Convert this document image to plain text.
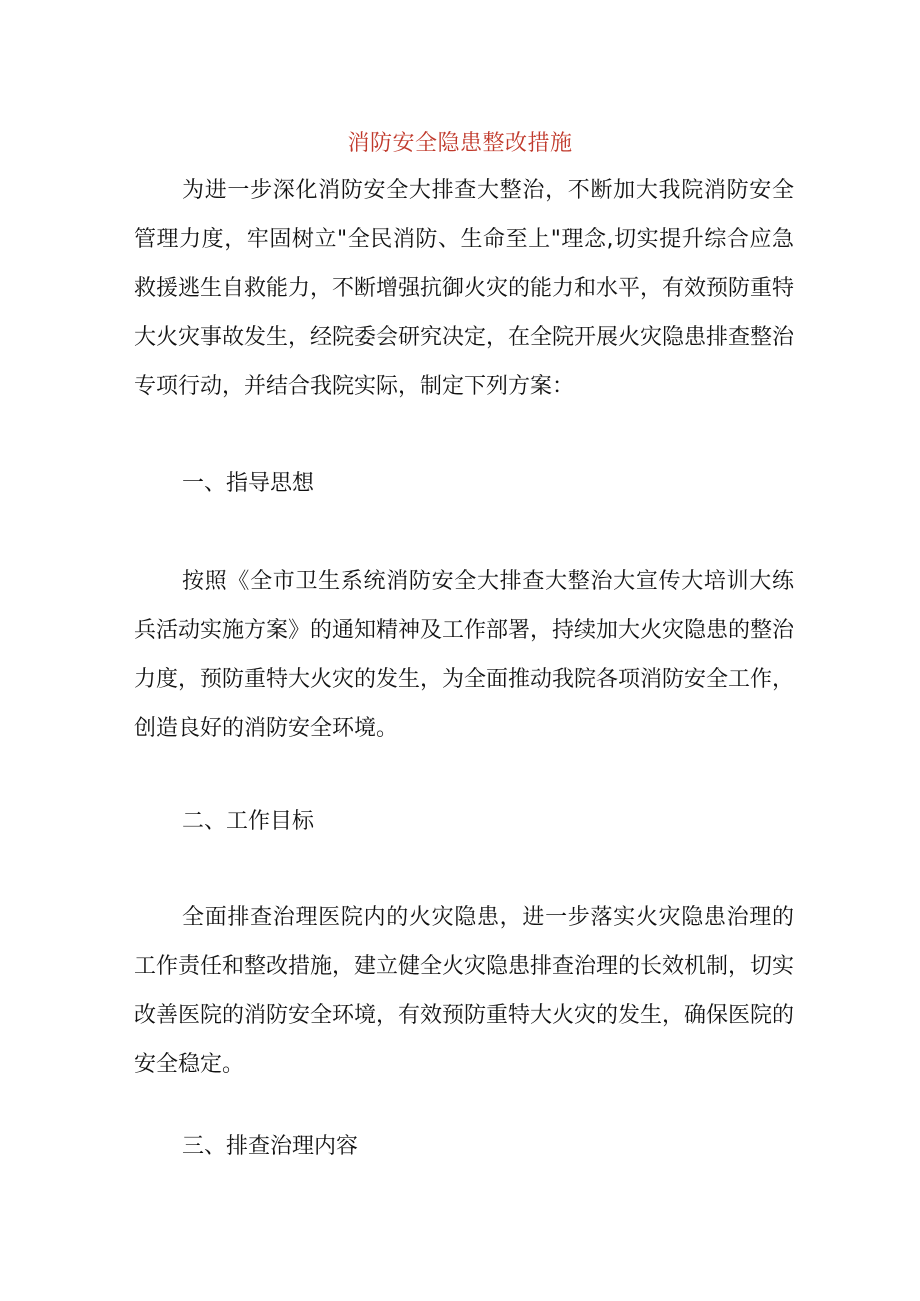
消防安全隐患整改措施

为进一步深化消防安全大排查大整治，不断加大我院消防安全管理力度，牢固树立"全民消防、生命至上"理念,切实提升综合应急救援逃生自救能力，不断增强抗御火灾的能力和水平，有效预防重特大火灾事故发生，经院委会研究决定，在全院开展火灾隐患排查整治专项行动，并结合我院实际，制定下列方案：

一、指导思想

按照《全市卫生系统消防安全大排查大整治大宣传大培训大练兵活动实施方案》的通知精神及工作部署，持续加大火灾隐患的整治力度，预防重特大火灾的发生，为全面推动我院各项消防安全工作，创造良好的消防安全环境。

二、工作目标

全面排查治理医院内的火灾隐患，进一步落实火灾隐患治理的工作责任和整改措施，建立健全火灾隐患排查治理的长效机制，切实改善医院的消防安全环境，有效预防重特大火灾的发生，确保医院的安全稳定。

三、排查治理内容
